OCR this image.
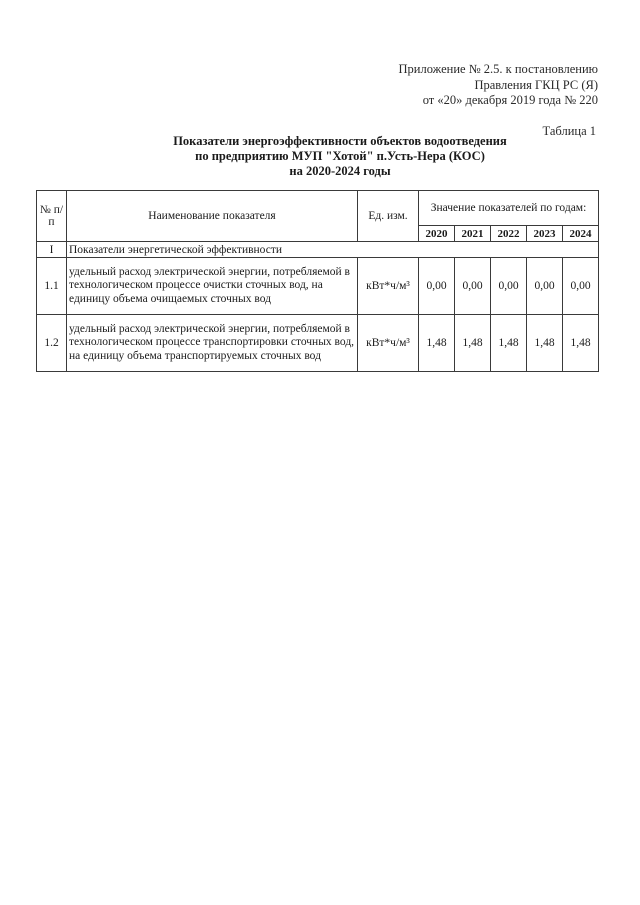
Приложение № 2.5. к постановлению
Правления ГКЦ РС (Я)
от «20» декабря 2019 года № 220
Таблица 1
Показатели энергоэффективности объектов водоотведения
по предприятию МУП "Хотой" п.Усть-Нера (КОС)
на 2020-2024 годы
№ п/п	Наименование показателя	Ед. изм.	Значение показателей по годам:				
			2020	2021	2022	2023	2024
I	Показатели энергетической эффективности						
1.1	удельный расход электрической энергии, потребляемой в технологическом процессе очистки сточных вод, на единицу объема очищаемых сточных вод	кВт*ч/м³	0,00	0,00	0,00	0,00	0,00
1.2	удельный расход электрической энергии, потребляемой в технологическом процессе транспортировки сточных вод, на единицу объема транспортируемых сточных вод	кВт*ч/м³	1,48	1,48	1,48	1,48	1,48
